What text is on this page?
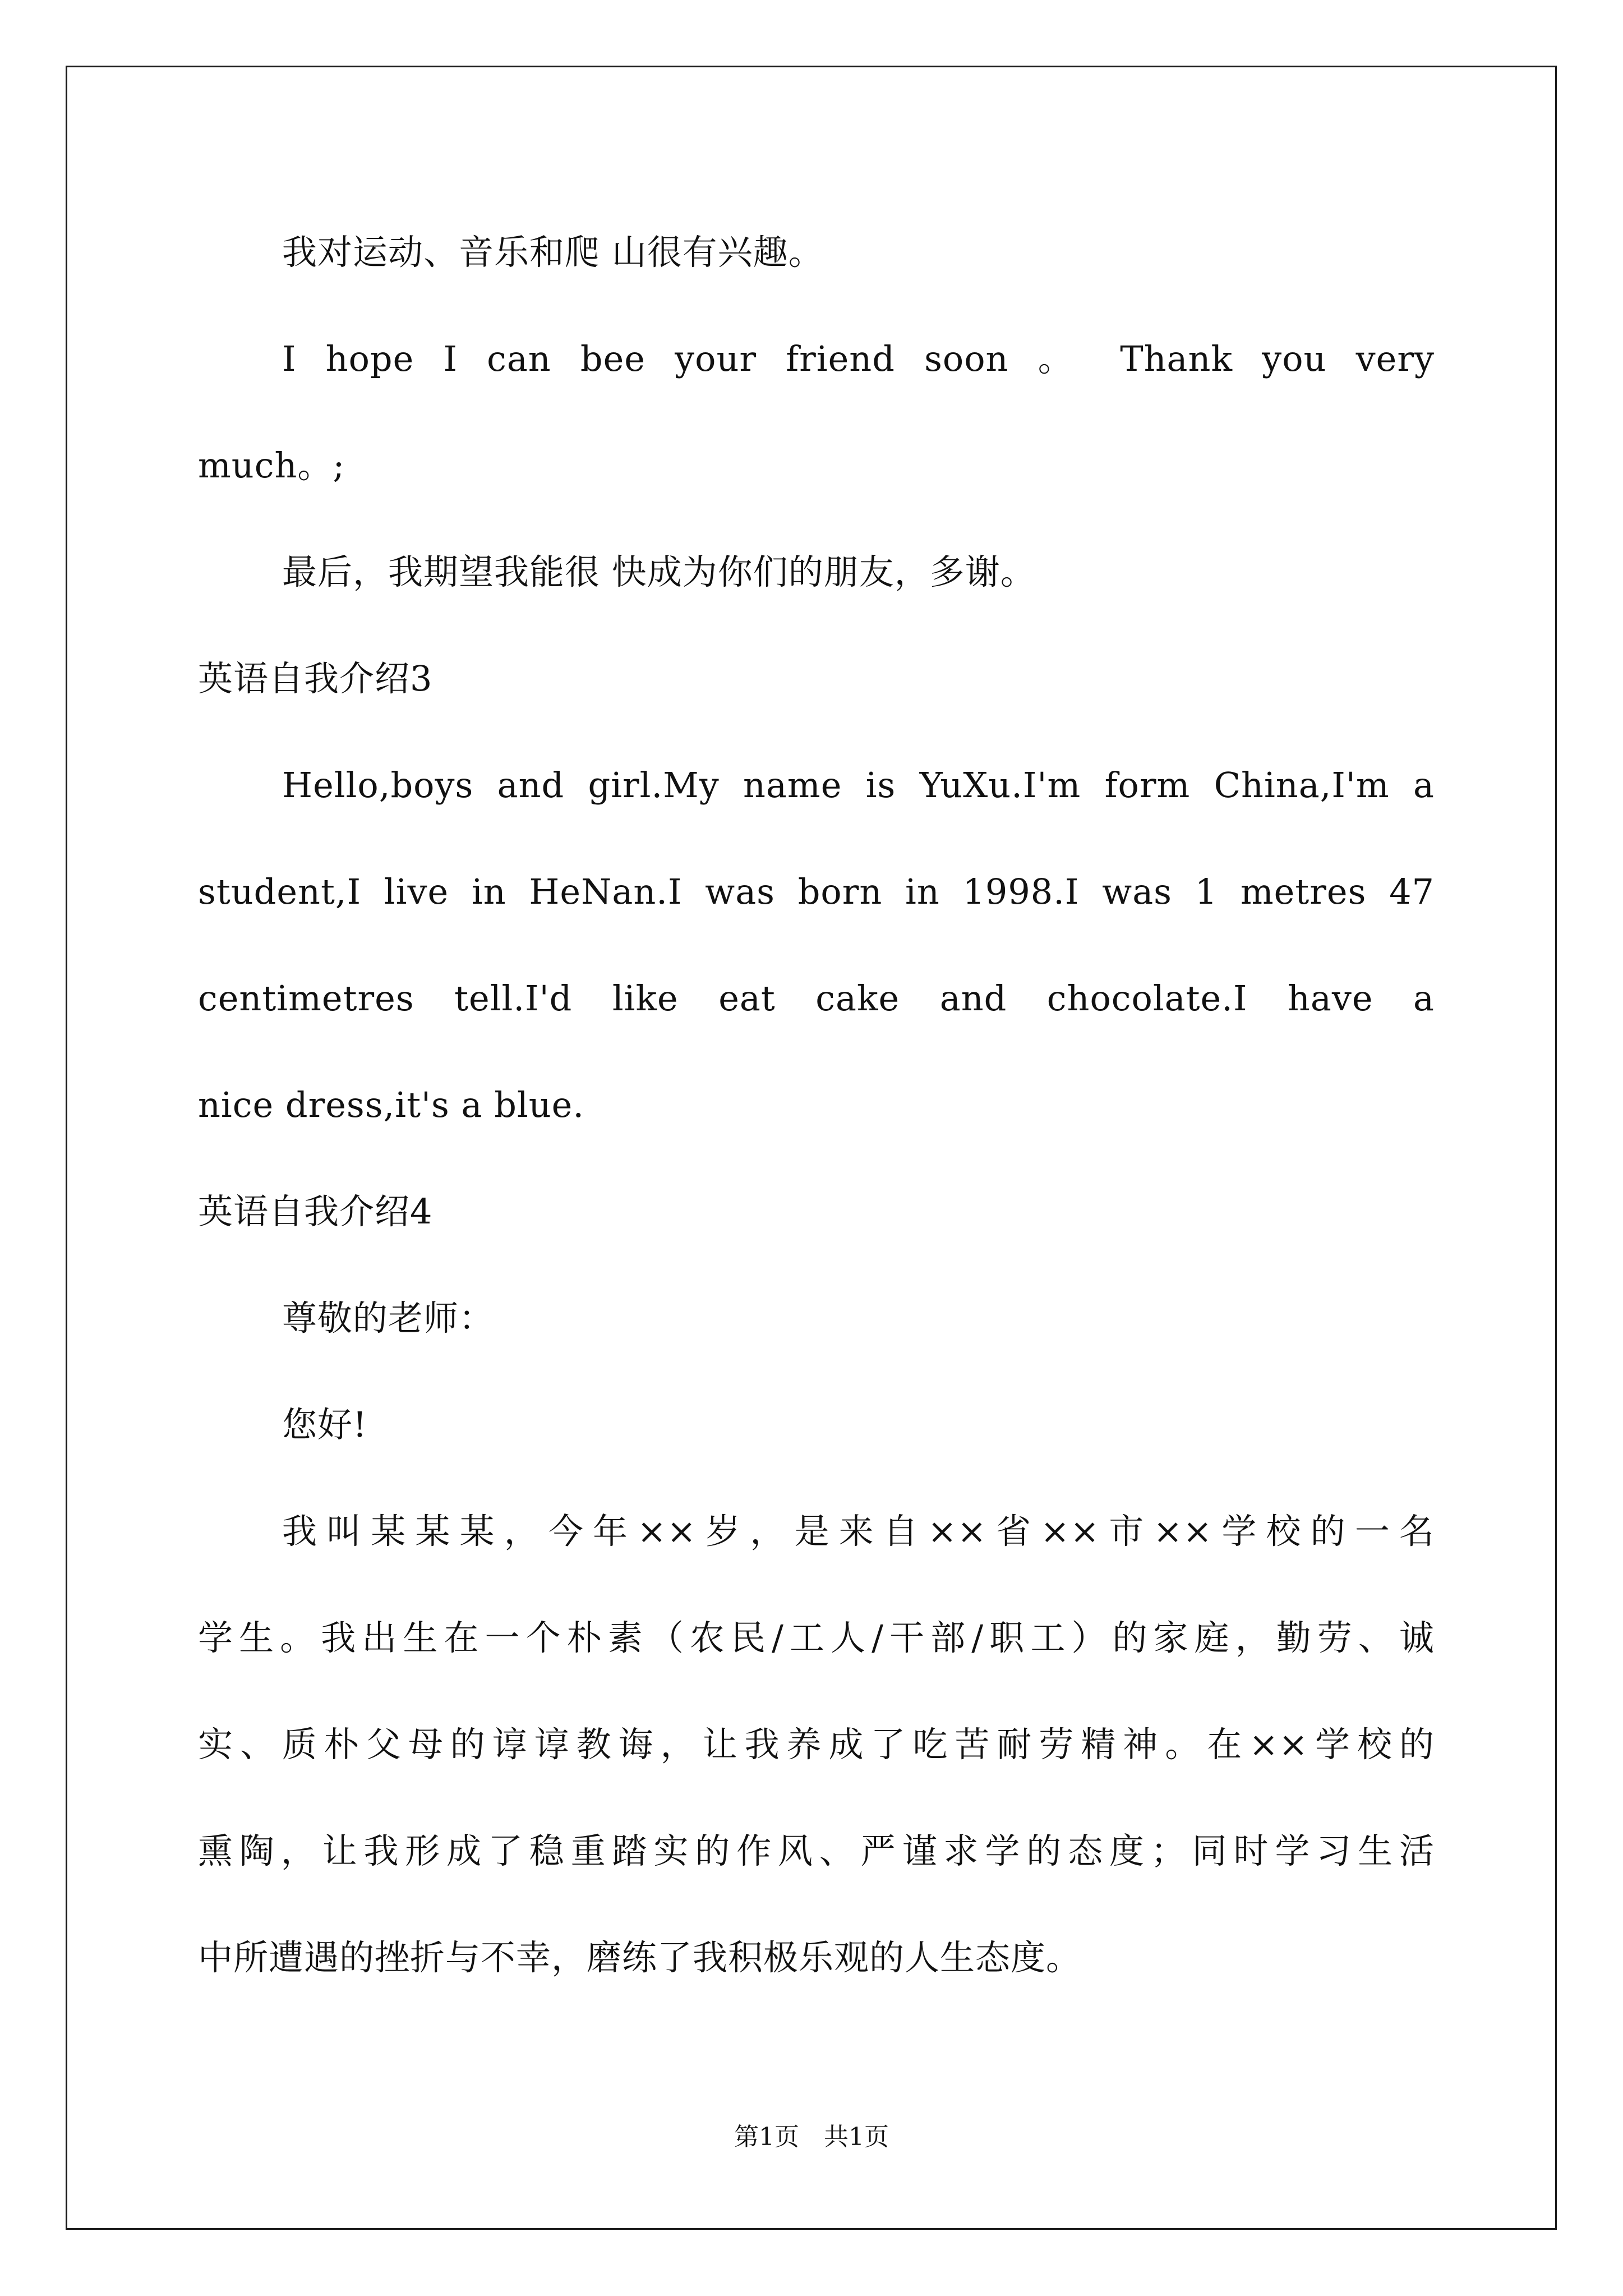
我对运动、音乐和爬 山很有兴趣。
I hope I can bee your friend soon 。 Thank you very
much。;
最后，我期望我能很 快成为你们的朋友，多谢。
英语自我介绍3
Hello,boys and girl.My name is YuXu.I'm form China,I'm a
student,I live in HeNan.I was born in 1998.I was 1 metres 47
centimetres tell.I'd like eat cake and chocolate.I have a
nice dress,it's a blue.
英语自我介绍4
尊敬的老师：
您好!
我叫某某某，今年××岁，是来自××省××市××学校的一名
学生。我出生在一个朴素（农民/工人/干部/职工）的家庭，勤劳、诚
实、质朴父母的谆谆教诲，让我养成了吃苦耐劳精神。在××学校的
熏陶，让我形成了稳重踏实的作风、严谨求学的态度；同时学习生活
中所遭遇的挫折与不幸，磨练了我积极乐观的人生态度。
第1页　共1页
